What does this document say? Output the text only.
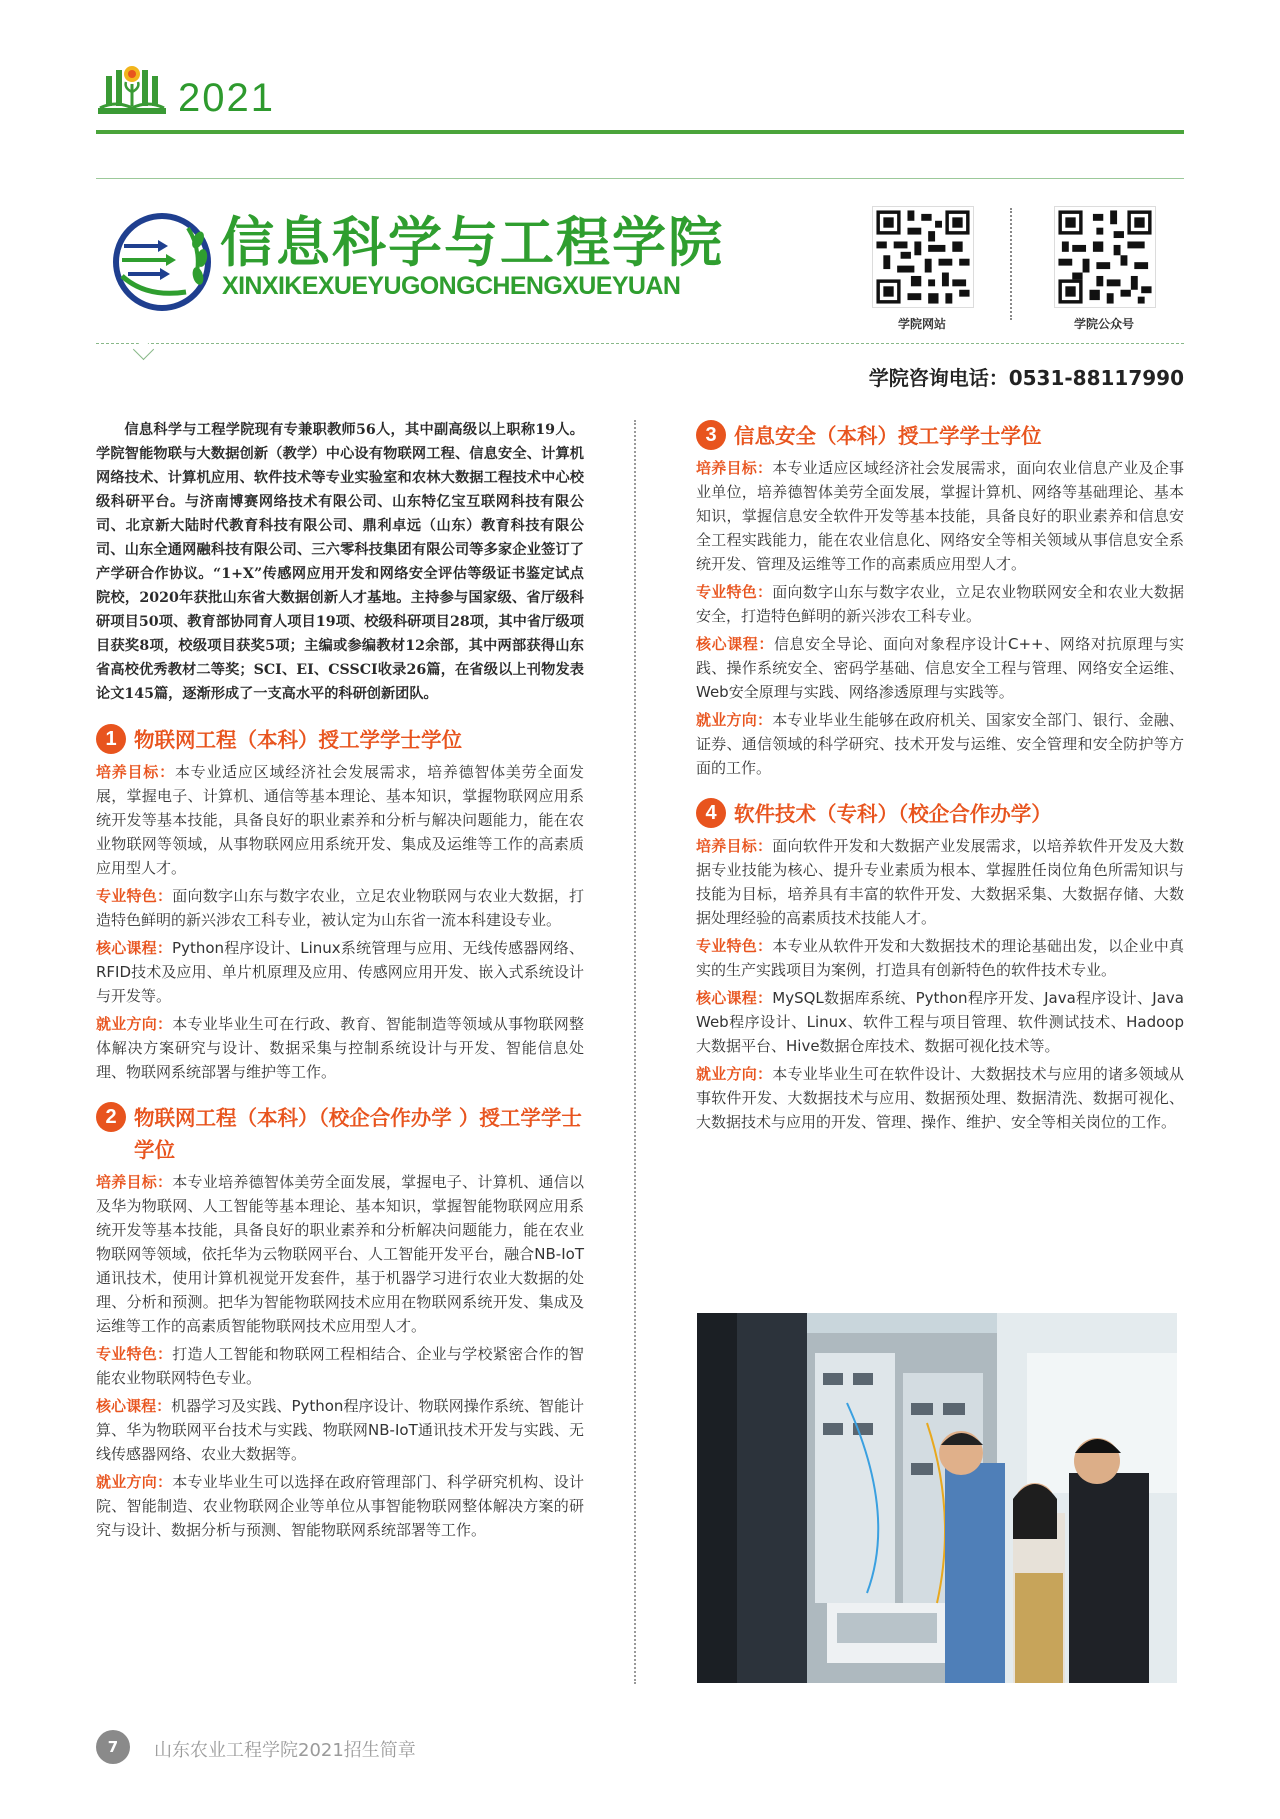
2021
信息科学与工程学院
XINXIKEXUEYUGONGCHENGXUEYUAN
学院网站	学院公众号
学院咨询电话：0531-88117990

信息科学与工程学院现有专兼职教师56人，其中副高级以上职称19人。学院智能物联与大数据创新（教学）中心设有物联网工程、信息安全、计算机网络技术、计算机应用、软件技术等专业实验室和农林大数据工程技术中心校级科研平台。与济南博赛网络技术有限公司、山东特亿宝互联网科技有限公司、北京新大陆时代教育科技有限公司、鼎利卓远（山东）教育科技有限公司、山东全通网融科技有限公司、三六零科技集团有限公司等多家企业签订了产学研合作协议。“1+X”传感网应用开发和网络安全评估等级证书鉴定试点院校，2020年获批山东省大数据创新人才基地。主持参与国家级、省厅级科研项目50项、教育部协同育人项目19项、校级科研项目28项，其中省厅级项目获奖8项，校级项目获奖5项；主编或参编教材12余部，其中两部获得山东省高校优秀教材二等奖；SCI、EI、CSSCI收录26篇，在省级以上刊物发表论文145篇，逐渐形成了一支高水平的科研创新团队。

1 物联网工程（本科）授工学学士学位

培养目标：本专业适应区域经济社会发展需求，培养德智体美劳全面发展，掌握电子、计算机、通信等基本理论、基本知识，掌握物联网应用系统开发等基本技能，具备良好的职业素养和分析与解决问题能力，能在农业物联网等领域，从事物联网应用系统开发、集成及运维等工作的高素质应用型人才。

专业特色：面向数字山东与数字农业，立足农业物联网与农业大数据，打造特色鲜明的新兴涉农工科专业，被认定为山东省一流本科建设专业。

核心课程：Python程序设计、Linux系统管理与应用、无线传感器网络、RFID技术及应用、单片机原理及应用、传感网应用开发、嵌入式系统设计与开发等。

就业方向：本专业毕业生可在行政、教育、智能制造等领域从事物联网整体解决方案研究与设计、数据采集与控制系统设计与开发、智能信息处理、物联网系统部署与维护等工作。

2 物联网工程（本科）（校企合作办学 ）授工学学士学位

培养目标：本专业培养德智体美劳全面发展，掌握电子、计算机、通信以及华为物联网、人工智能等基本理论、基本知识，掌握智能物联网应用系统开发等基本技能，具备良好的职业素养和分析解决问题能力，能在农业物联网等领域，依托华为云物联网平台、人工智能开发平台，融合NB-IoT通讯技术，使用计算机视觉开发套件，基于机器学习进行农业大数据的处理、分析和预测。把华为智能物联网技术应用在物联网系统开发、集成及运维等工作的高素质智能物联网技术应用型人才。

专业特色：打造人工智能和物联网工程相结合、企业与学校紧密合作的智能农业物联网特色专业。

核心课程：机器学习及实践、Python程序设计、物联网操作系统、智能计算、华为物联网平台技术与实践、物联网NB-IoT通讯技术开发与实践、无线传感器网络、农业大数据等。

就业方向：本专业毕业生可以选择在政府管理部门、科学研究机构、设计院、智能制造、农业物联网企业等单位从事智能物联网整体解决方案的研究与设计、数据分析与预测、智能物联网系统部署等工作。

3 信息安全（本科）授工学学士学位

培养目标：本专业适应区域经济社会发展需求，面向农业信息产业及企事业单位，培养德智体美劳全面发展，掌握计算机、网络等基础理论、基本知识，掌握信息安全软件开发等基本技能，具备良好的职业素养和信息安全工程实践能力，能在农业信息化、网络安全等相关领域从事信息安全系统开发、管理及运维等工作的高素质应用型人才。

专业特色：面向数字山东与数字农业，立足农业物联网安全和农业大数据安全，打造特色鲜明的新兴涉农工科专业。

核心课程：信息安全导论、面向对象程序设计C++、网络对抗原理与实践、操作系统安全、密码学基础、信息安全工程与管理、网络安全运维、Web安全原理与实践、网络渗透原理与实践等。

就业方向：本专业毕业生能够在政府机关、国家安全部门、银行、金融、证券、通信领域的科学研究、技术开发与运维、安全管理和安全防护等方面的工作。

4 软件技术（专科）（校企合作办学）

培养目标：面向软件开发和大数据产业发展需求，以培养软件开发及大数据专业技能为核心、提升专业素质为根本、掌握胜任岗位角色所需知识与技能为目标，培养具有丰富的软件开发、大数据采集、大数据存储、大数据处理经验的高素质技术技能人才。

专业特色：本专业从软件开发和大数据技术的理论基础出发，以企业中真实的生产实践项目为案例，打造具有创新特色的软件技术专业。

核心课程：MySQL数据库系统、Python程序开发、Java程序设计、Java Web程序设计、Linux、软件工程与项目管理、软件测试技术、Hadoop大数据平台、Hive数据仓库技术、数据可视化技术等。

就业方向：本专业毕业生可在软件设计、大数据技术与应用的诸多领域从事软件开发、大数据技术与应用、数据预处理、数据清洗、数据可视化、大数据技术与应用的开发、管理、操作、维护、安全等相关岗位的工作。

7	山东农业工程学院2021招生简章
